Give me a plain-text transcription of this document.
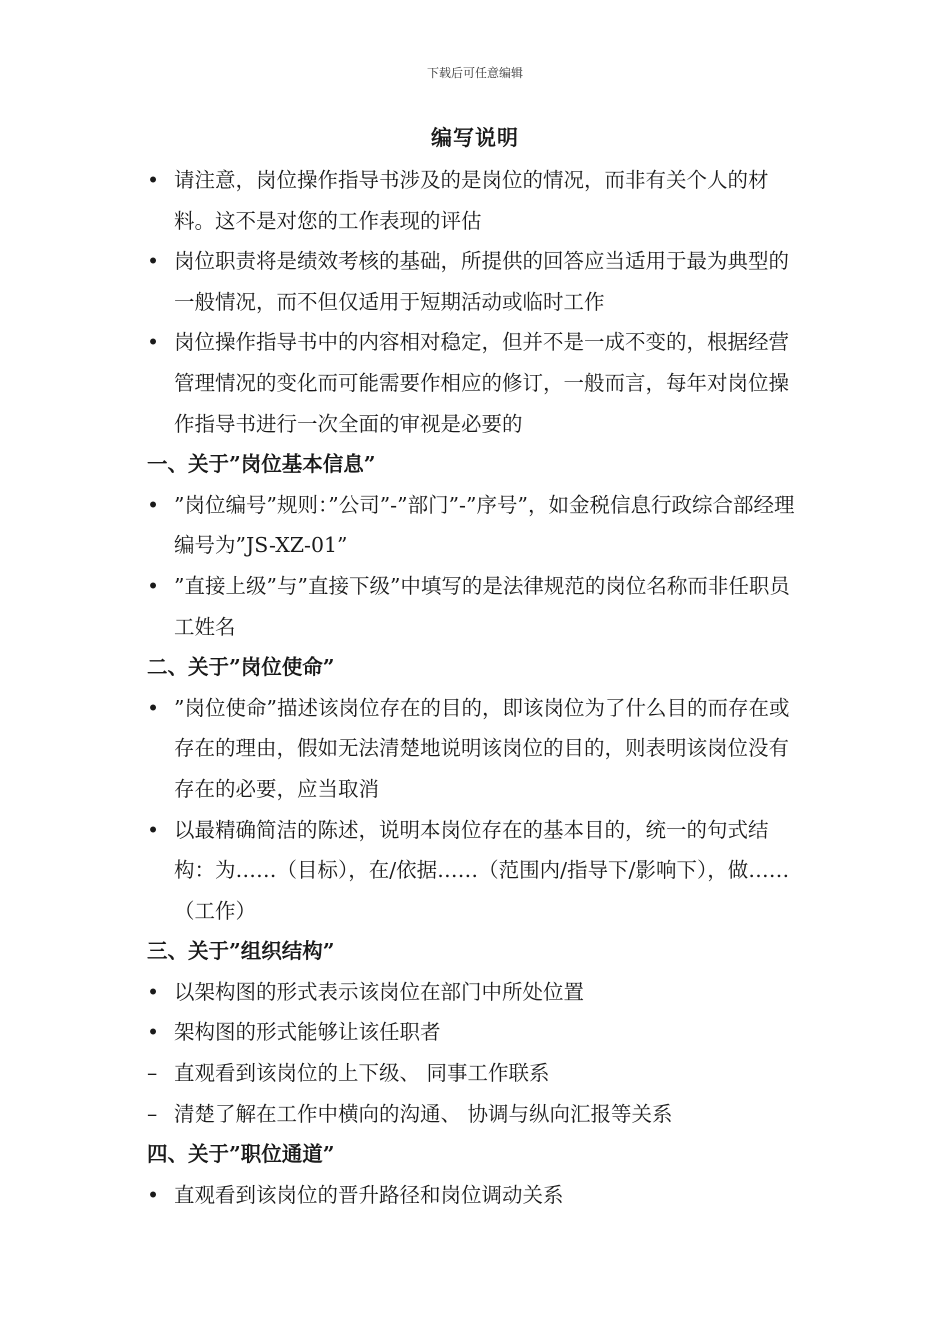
下载后可任意编辑
编写说明
• 请注意，岗位操作指导书涉及的是岗位的情况，而非有关个人的材料。这不是对您的工作表现的评估
• 岗位职责将是绩效考核的基础，所提供的回答应当适用于最为典型的一般情况，而不但仅适用于短期活动或临时工作
• 岗位操作指导书中的内容相对稳定，但并不是一成不变的，根据经营管理情况的变化而可能需要作相应的修订，一般而言，每年对岗位操作指导书进行一次全面的审视是必要的
一、关于”岗位基本信息”
• ”岗位编号”规则：”公司”-”部门”-”序号”，如金税信息行政综合部经理编号为”JS-XZ-01”
• ”直接上级”与”直接下级”中填写的是法律规范的岗位名称而非任职员工姓名
二、关于”岗位使命”
• ”岗位使命”描述该岗位存在的目的，即该岗位为了什么目的而存在或存在的理由，假如无法清楚地说明该岗位的目的，则表明该岗位没有存在的必要，应当取消
• 以最精确简洁的陈述，说明本岗位存在的基本目的，统一的句式结构：为……（目标），在/依据……（范围内/指导下/影响下），做……（工作）
三、关于”组织结构”
• 以架构图的形式表示该岗位在部门中所处位置
• 架构图的形式能够让该任职者
– 直观看到该岗位的上下级、 同事工作联系
– 清楚了解在工作中横向的沟通、 协调与纵向汇报等关系
四、关于”职位通道”
• 直观看到该岗位的晋升路径和岗位调动关系
